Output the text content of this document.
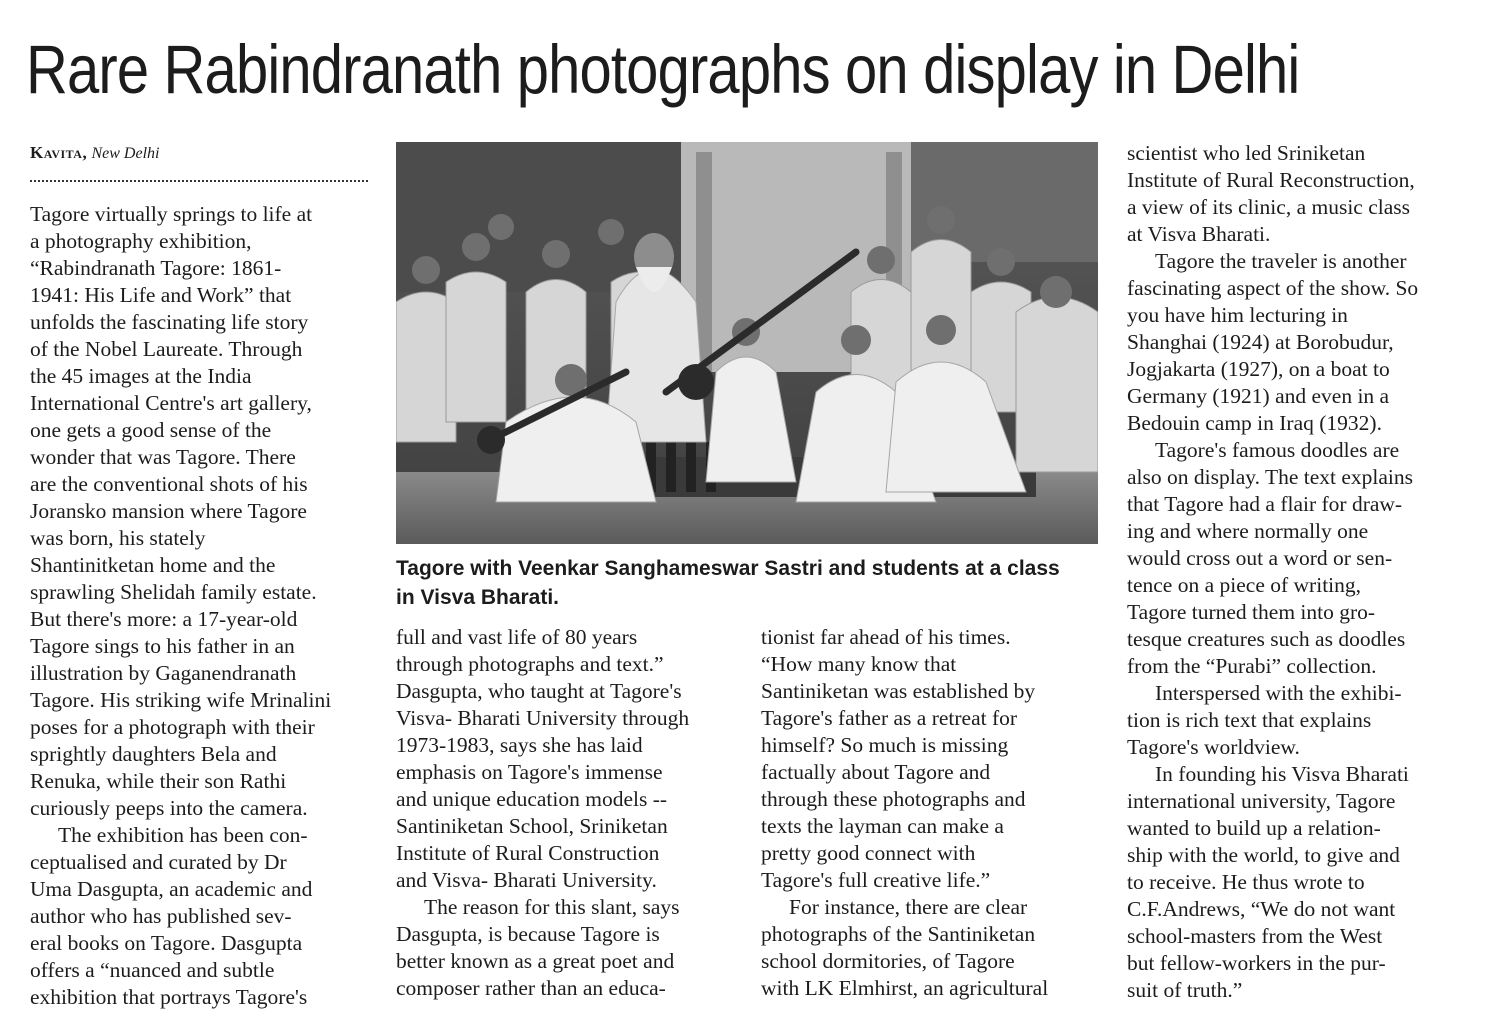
Rare Rabindranath photographs on display in Delhi
Kavita, New Delhi
Tagore virtually springs to life at
a photography exhibition,
“Rabindranath Tagore: 1861-
1941: His Life and Work” that
unfolds the fascinating life story
of the Nobel Laureate. Through
the 45 images at the India
International Centre's art gallery,
one gets a good sense of the
wonder that was Tagore. There
are the conventional shots of his
Joransko mansion where Tagore
was born, his stately
Shantinitketan home and the
sprawling Shelidah family estate.
But there's more: a 17-year-old
Tagore sings to his father in an
illustration by Gaganendranath
Tagore. His striking wife Mrinalini
poses for a photograph with their
sprightly daughters Bela and
Renuka, while their son Rathi
curiously peeps into the camera.
The exhibition has been con-
ceptualised and curated by Dr
Uma Dasgupta, an academic and
author who has published sev-
eral books on Tagore. Dasgupta
offers a “nuanced and subtle
exhibition that portrays Tagore's
Tagore with Veenkar Sanghameswar Sastri and students at a class
in Visva Bharati.
full and vast life of 80 years
through photographs and text.”
Dasgupta, who taught at Tagore's
Visva- Bharati University through
1973-1983, says she has laid
emphasis on Tagore's immense
and unique education models --
Santiniketan School, Sriniketan
Institute of Rural Construction
and Visva- Bharati University.
The reason for this slant, says
Dasgupta, is because Tagore is
better known as a great poet and
composer rather than an educa-
tionist far ahead of his times.
“How many know that
Santiniketan was established by
Tagore's father as a retreat for
himself? So much is missing
factually about Tagore and
through these photographs and
texts the layman can make a
pretty good connect with
Tagore's full creative life.”
For instance, there are clear
photographs of the Santiniketan
school dormitories, of Tagore
with LK Elmhirst, an agricultural
scientist who led Sriniketan
Institute of Rural Reconstruction,
a view of its clinic, a music class
at Visva Bharati.
Tagore the traveler is another
fascinating aspect of the show. So
you have him lecturing in
Shanghai (1924) at Borobudur,
Jogjakarta (1927), on a boat to
Germany (1921) and even in a
Bedouin camp in Iraq (1932).
Tagore's famous doodles are
also on display. The text explains
that Tagore had a flair for draw-
ing and where normally one
would cross out a word or sen-
tence on a piece of writing,
Tagore turned them into gro-
tesque creatures such as doodles
from the “Purabi” collection.
Interspersed with the exhibi-
tion is rich text that explains
Tagore's worldview.
In founding his Visva Bharati
international university, Tagore
wanted to build up a relation-
ship with the world, to give and
to receive. He thus wrote to
C.F.Andrews, “We do not want
school-masters from the West
but fellow-workers in the pur-
suit of truth.”
